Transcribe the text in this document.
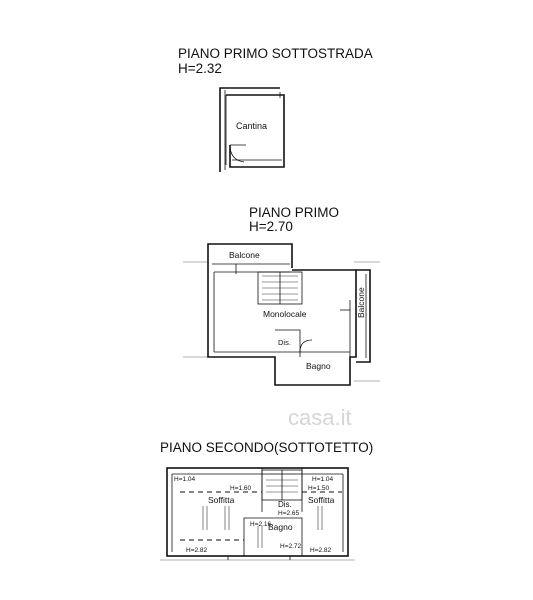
PIANO PRIMO SOTTOSTRADA
H=2.32
Cantina
PIANO PRIMO
H=2.70
Balcone
Balcone
Monolocale
Dis.
Bagno
casa.it
PIANO SECONDO(SOTTOTETTO)
H=1.04	H=1.04
H=1.60	H=1.50
H=2.65
H=2.16
H=2.72
H=2.82	H=2.82
Soffitta	Soffitta
Dis.
Bagno
